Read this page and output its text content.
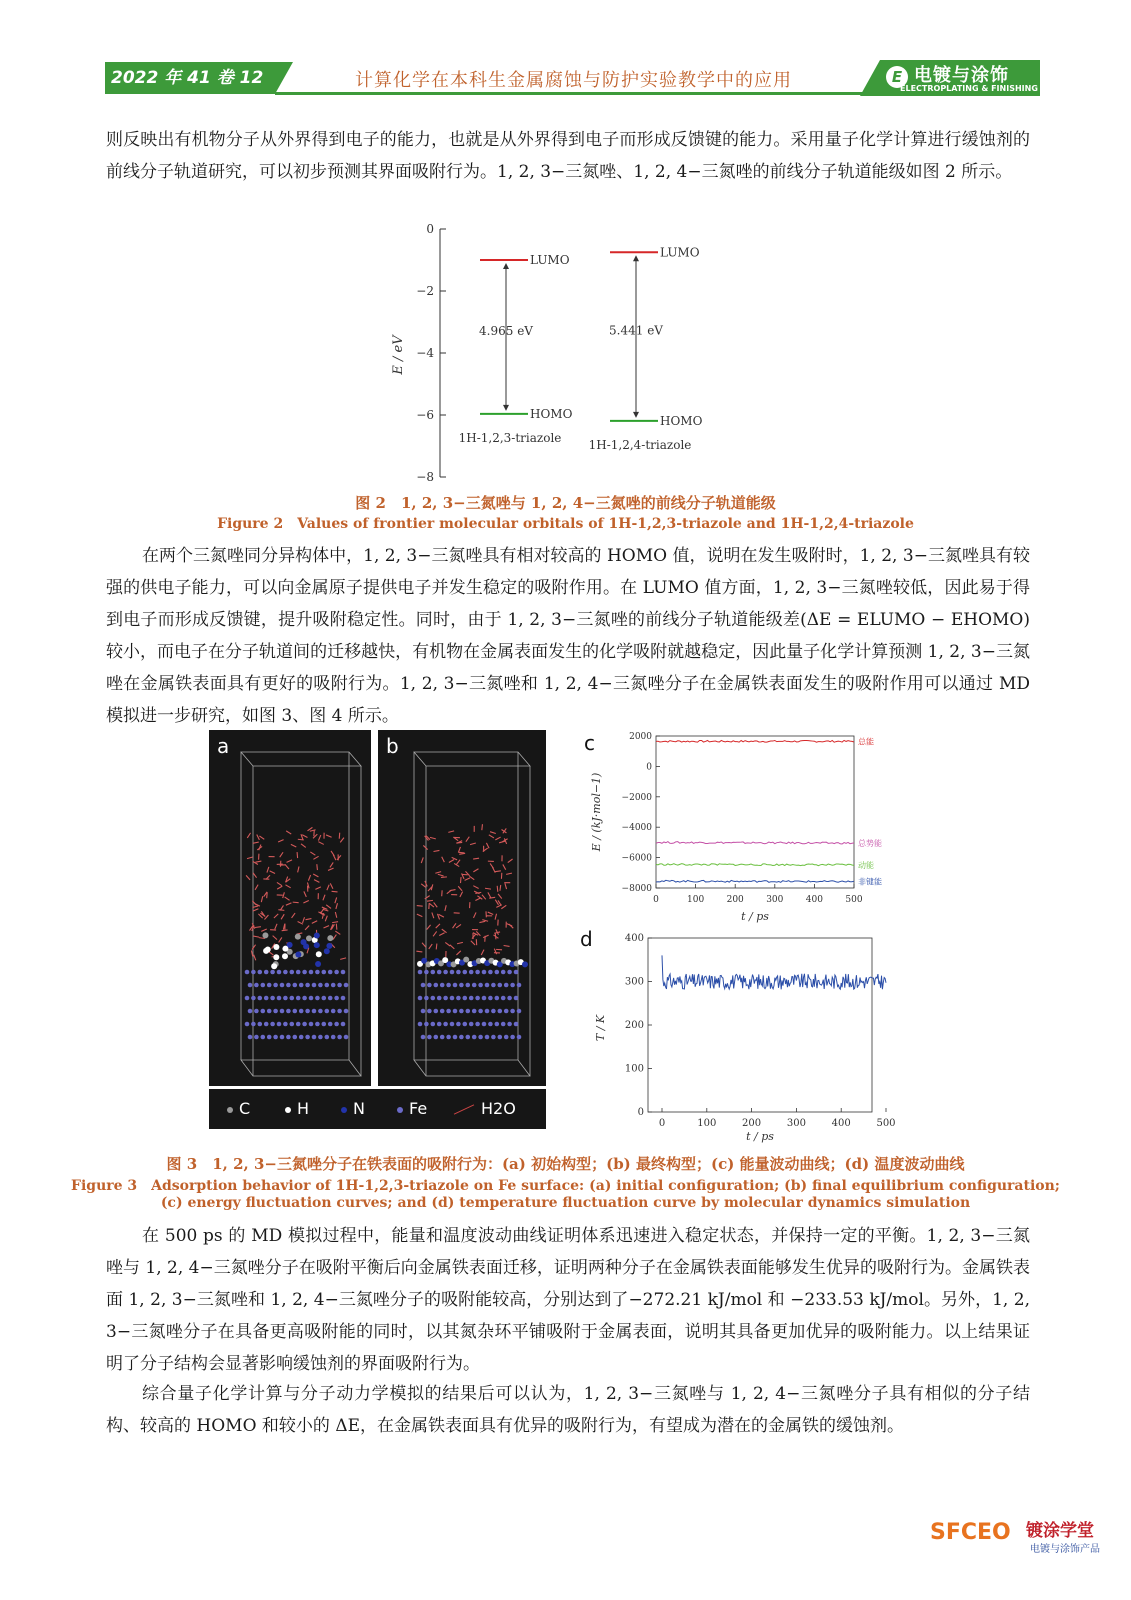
2022 年 41 卷 12 期
计算化学在本科生金属腐蚀与防护实验教学中的应用	E 电镀与涂饰
ELECTROPLATING & FINISHING
则反映出有机物分子从外界得到电子的能力，也就是从外界得到电子而形成反馈键的能力。采用量子化学计算进行缓蚀剂的前线分子轨道研究，可以初步预测其界面吸附行为。1, 2, 3−三氮唑、1, 2, 4−三氮唑的前线分子轨道能级如图 2 所示。
0
−2
−4
−6
−8
E / eV
LUMO
HOMO
4.965 eV
1H-1,2,3-triazole
LUMO
HOMO
5.441 eV
1H-1,2,4-triazole
图 2　1, 2, 3−三氮唑与 1, 2, 4−三氮唑的前线分子轨道能级
Figure 2　Values of frontier molecular orbitals of 1H-1,2,3-triazole and 1H-1,2,4-triazole
在两个三氮唑同分异构体中，1, 2, 3−三氮唑具有相对较高的 HOMO 值，说明在发生吸附时，1, 2, 3−三氮唑具有较强的供电子能力，可以向金属原子提供电子并发生稳定的吸附作用。在 LUMO 值方面，1, 2, 3−三氮唑较低，因此易于得到电子而形成反馈键，提升吸附稳定性。同时，由于 1, 2, 3−三氮唑的前线分子轨道能级差(ΔE = ELUMO − EHOMO)较小，而电子在分子轨道间的迁移越快，有机物在金属表面发生的化学吸附就越稳定，因此量子化学计算预测 1, 2, 3−三氮唑在金属铁表面具有更好的吸附行为。1, 2, 3−三氮唑和 1, 2, 4−三氮唑分子在金属铁表面发生的吸附作用可以通过 MD 模拟进一步研究，如图 3、图 4 所示。
a	b
C	H	N	Fe	H2O
c	2000
0
−2000
−4000
−6000
−8000
0	100 200 300 400 500
总能
总势能
动能
非键能
E / (kJ·mol−1)
t / ps
d	400
300
200
100
0
0	100	200	300	400	500
T / K
t / ps
图 3　1, 2, 3−三氮唑分子在铁表面的吸附行为：(a) 初始构型；(b) 最终构型；(c) 能量波动曲线；(d) 温度波动曲线
Figure 3　Adsorption behavior of 1H-1,2,3-triazole on Fe surface: (a) initial configuration; (b) final equilibrium configuration;
(c) energy fluctuation curves; and (d) temperature fluctuation curve by molecular dynamics simulation
在 500 ps 的 MD 模拟过程中，能量和温度波动曲线证明体系迅速进入稳定状态，并保持一定的平衡。1, 2, 3−三氮唑与 1, 2, 4−三氮唑分子在吸附平衡后向金属铁表面迁移，证明两种分子在金属铁表面能够发生优异的吸附行为。金属铁表面 1, 2, 3−三氮唑和 1, 2, 4−三氮唑分子的吸附能较高，分别达到了−272.21 kJ/mol 和 −233.53 kJ/mol。另外，1, 2, 3−三氮唑分子在具备更高吸附能的同时，以其氮杂环平铺吸附于金属表面，说明其具备更加优异的吸附能力。以上结果证明了分子结构会显著影响缓蚀剂的界面吸附行为。
综合量子化学计算与分子动力学模拟的结果后可以认为，1, 2, 3−三氮唑与 1, 2, 4−三氮唑分子具有相似的分子结构、较高的 HOMO 和较小的 ΔE，在金属铁表面具有优异的吸附行为，有望成为潜在的金属铁的缓蚀剂。
SFCEO 镀涂学堂
电镀与涂饰产品
